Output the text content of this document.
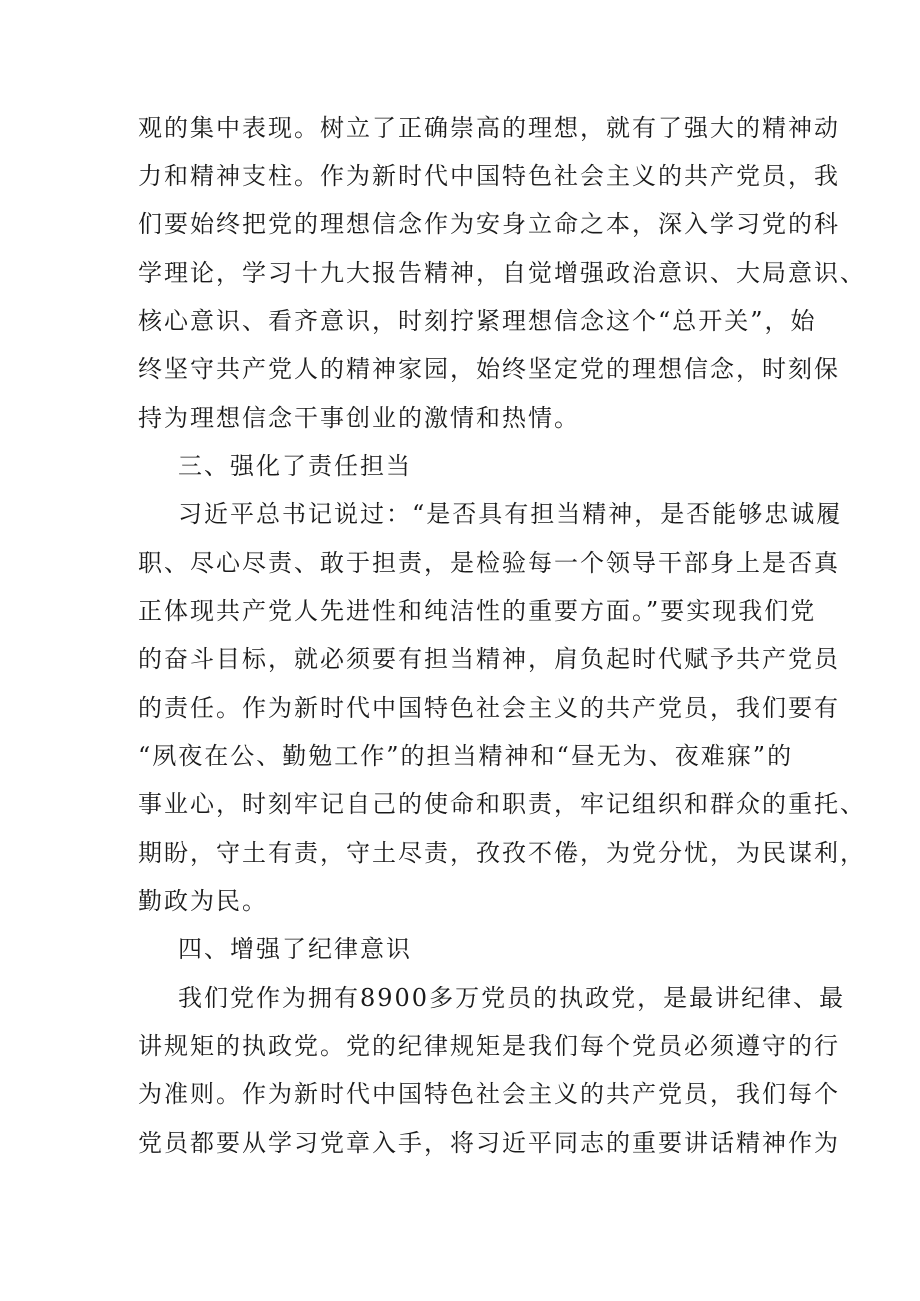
观的集中表现。树立了正确崇高的理想，就有了强大的精神动
力和精神支柱。作为新时代中国特色社会主义的共产党员，我
们要始终把党的理想信念作为安身立命之本，深入学习党的科
学理论，学习十九大报告精神，自觉增强政治意识、大局意识、
核心意识、看齐意识，时刻拧紧理想信念这个“总开关”，始
终坚守共产党人的精神家园，始终坚定党的理想信念，时刻保
持为理想信念干事创业的激情和热情。
三、强化了责任担当
习近平总书记说过：“是否具有担当精神，是否能够忠诚履
职、尽心尽责、敢于担责，是检验每一个领导干部身上是否真
正体现共产党人先进性和纯洁性的重要方面。”要实现我们党
的奋斗目标，就必须要有担当精神，肩负起时代赋予共产党员
的责任。作为新时代中国特色社会主义的共产党员，我们要有
“夙夜在公、勤勉工作”的担当精神和“昼无为、夜难寐”的
事业心，时刻牢记自己的使命和职责，牢记组织和群众的重托、
期盼，守土有责，守土尽责，孜孜不倦，为党分忧，为民谋利，
勤政为民。
四、增强了纪律意识
我们党作为拥有8900多万党员的执政党，是最讲纪律、最
讲规矩的执政党。党的纪律规矩是我们每个党员必须遵守的行
为准则。作为新时代中国特色社会主义的共产党员，我们每个
党员都要从学习党章入手，将习近平同志的重要讲话精神作为
